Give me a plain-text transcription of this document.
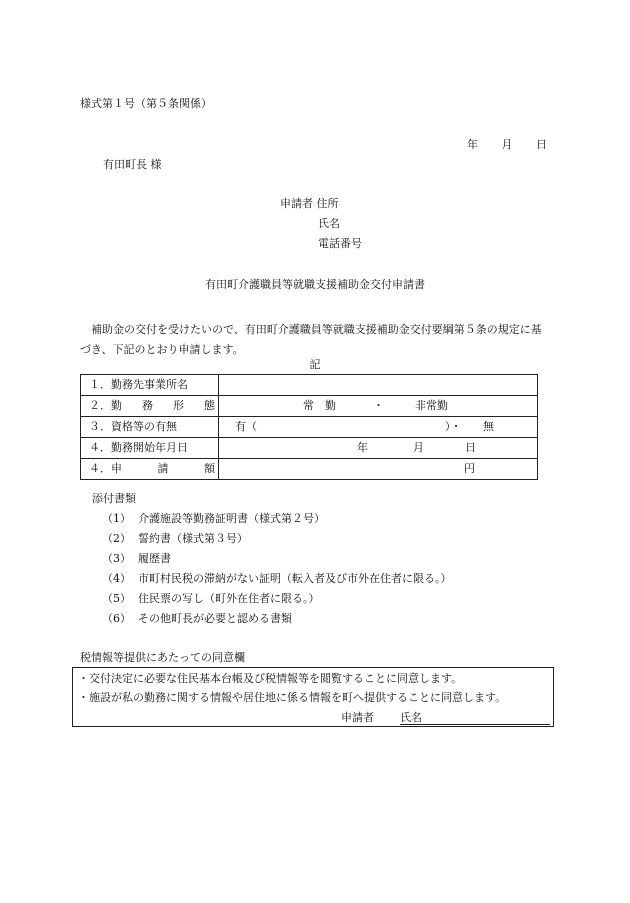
様式第１号（第５条関係）
年 月 日
有田町長 様
申請者 住所
氏名
電話番号
有田町介護職員等就職支援補助金交付申請書
補助金の交付を受けたいので、有田町介護職員等就職支援補助金交付要綱第５条の規定に基づき、下記のとおり申請します。
記
１．勤務先事業所名	

２． 勤 務 形 態	常　勤 ・ 非常勤

３．資格等の有無	有（ ）・ 無

４．勤務開始年月日	年 月 日

４． 申 請 額	円
添付書類
（1） 介護施設等勤務証明書（様式第２号）
（2） 誓約書（様式第３号）
（3） 履歴書
（4） 市町村民税の滞納がない証明（転入者及び市外在住者に限る。）
（5） 住民票の写し（町外在住者に限る。）
（6） その他町長が必要と認める書類
税情報等提供にあたっての同意欄
・交付決定に必要な住民基本台帳及び税情報等を閲覧することに同意します。
・施設が私の勤務に関する情報や居住地に係る情報を町へ提供することに同意します。
申請者 氏名
